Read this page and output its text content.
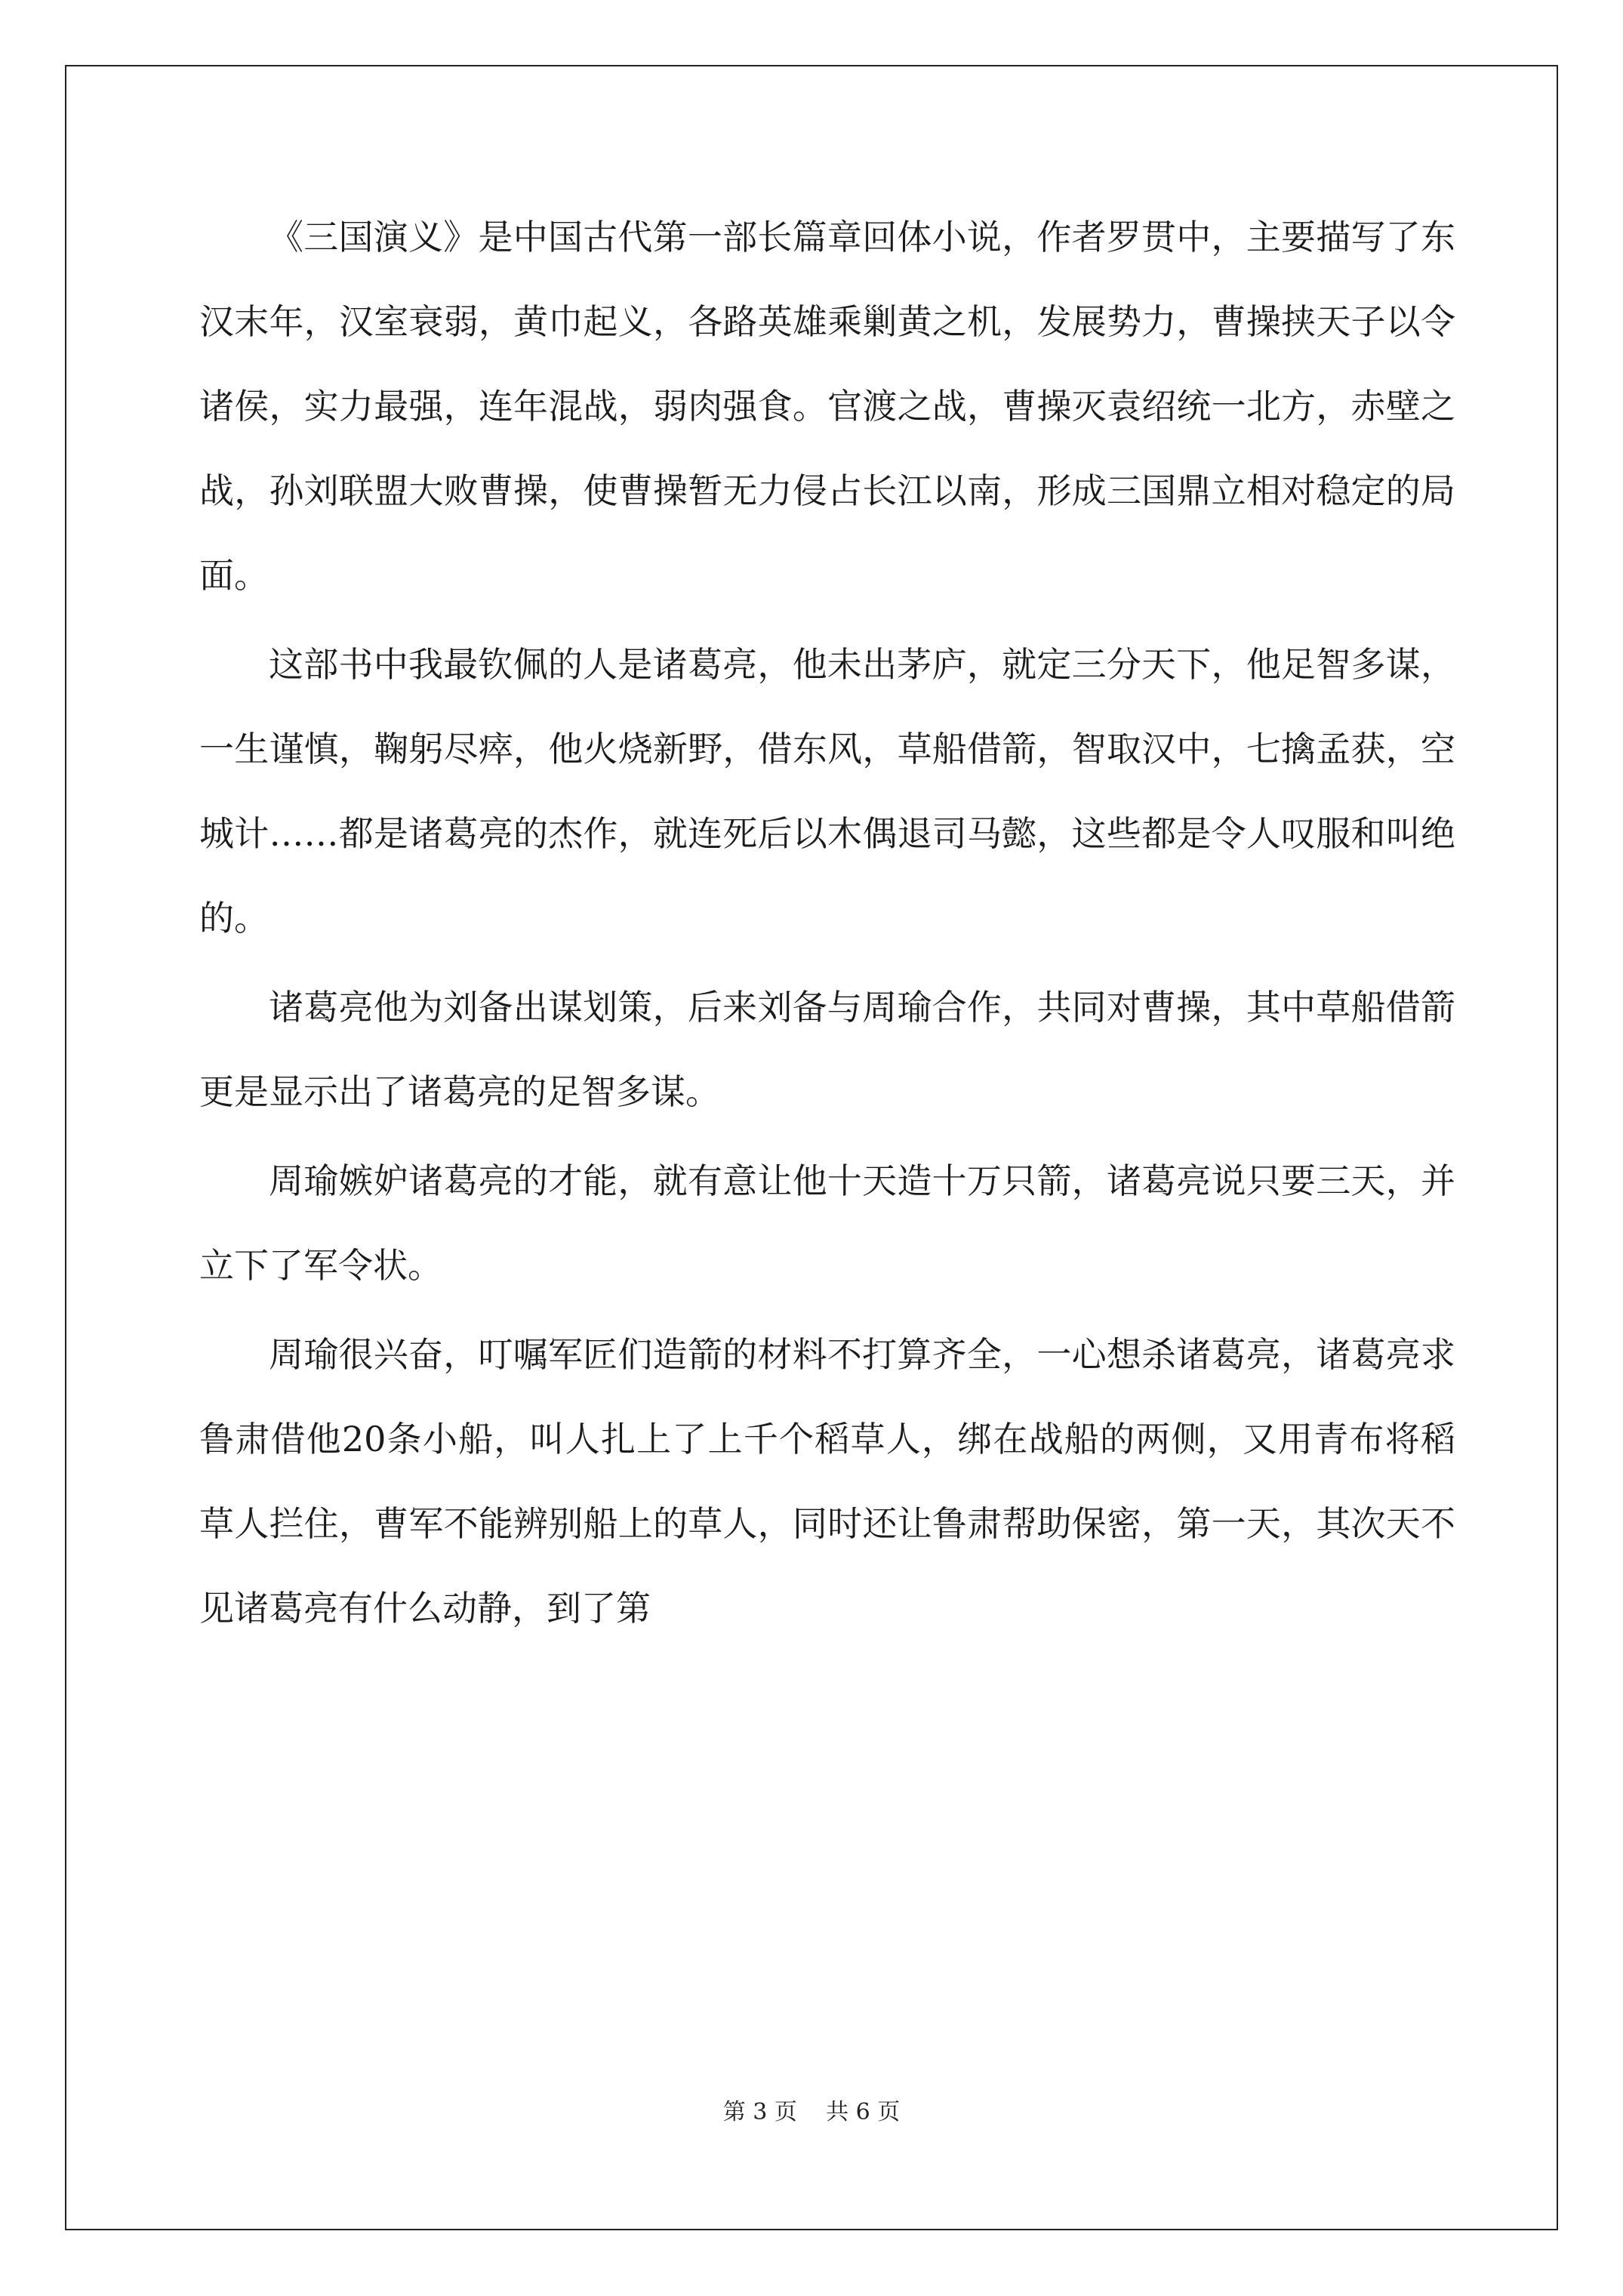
《三国演义》是中国古代第一部长篇章回体小说，作者罗贯中，主要描写了东汉末年，汉室衰弱，黄巾起义，各路英雄乘剿黄之机，发展势力，曹操挟天子以令诸侯，实力最强，连年混战，弱肉强食。官渡之战，曹操灭袁绍统一北方，赤壁之战，孙刘联盟大败曹操，使曹操暂无力侵占长江以南，形成三国鼎立相对稳定的局面。

这部书中我最钦佩的人是诸葛亮，他未出茅庐，就定三分天下，他足智多谋，一生谨慎，鞠躬尽瘁，他火烧新野，借东风，草船借箭，智取汉中，七擒孟获，空城计……都是诸葛亮的杰作，就连死后以木偶退司马懿，这些都是令人叹服和叫绝的。

诸葛亮他为刘备出谋划策，后来刘备与周瑜合作，共同对曹操，其中草船借箭更是显示出了诸葛亮的足智多谋。

周瑜嫉妒诸葛亮的才能，就有意让他十天造十万只箭，诸葛亮说只要三天，并立下了军令状。

周瑜很兴奋，叮嘱军匠们造箭的材料不打算齐全，一心想杀诸葛亮，诸葛亮求鲁肃借他20条小船，叫人扎上了上千个稻草人，绑在战船的两侧，又用青布将稻草人拦住，曹军不能辨别船上的草人，同时还让鲁肃帮助保密，第一天，其次天不见诸葛亮有什么动静，到了第

第 3 页 共 6 页
